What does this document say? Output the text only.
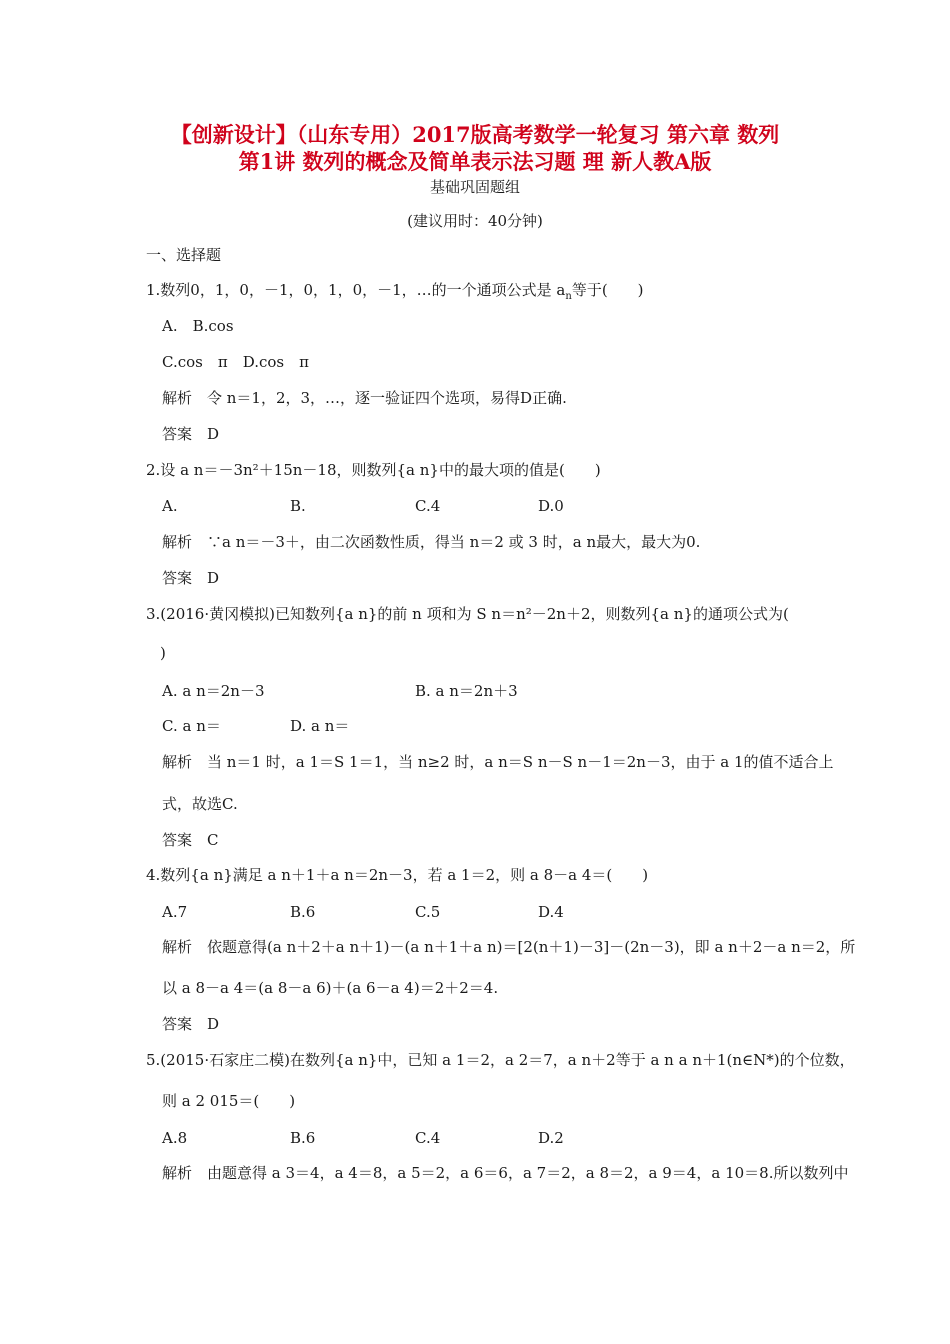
【创新设计】（山东专用）2017版高考数学一轮复习 第六章 数列
第1讲 数列的概念及简单表示法习题 理 新人教A版
基础巩固题组
(建议用时：40分钟)
一、选择题
1.数列0，1，0，－1，0，1，0，－1，…的一个通项公式是 $a_n$等于(　　)
A.　B.cos
C.cos　π　D.cos　π
解析　令 n＝1，2，3，…，逐一验证四个选项，易得D正确.
答案　D
2.设 a n＝－3n²＋15n－18，则数列{a n}中的最大项的值是(　　)
A.	B.	C.4	D.0
解析　∵a n＝－3＋，由二次函数性质，得当 n＝2 或 3 时，a n最大，最大为0.
答案　D
3.(2016·黄冈模拟)已知数列{a n}的前 n 项和为 S n＝n²－2n＋2，则数列{a n}的通项公式为(
)
A. a n＝2n－3	B. a n＝2n＋3
C. a n＝	D. a n＝
解析　当 n＝1 时，a 1＝S 1＝1，当 n≥2 时，a n＝S n－S n－1＝2n－3，由于 a 1的值不适合上
式，故选C.
答案　C
4.数列{a n}满足 a n＋1＋a n＝2n－3，若 a 1＝2，则 a 8－a 4＝(　　)
A.7	B.6	C.5	D.4
解析　依题意得(a n＋2＋a n＋1)－(a n＋1＋a n)＝[2(n＋1)－3]－(2n－3)，即 a n＋2－a n＝2，所
以 a 8－a 4＝(a 8－a 6)＋(a 6－a 4)＝2＋2＝4.
答案　D
5.(2015·石家庄二模)在数列{a n}中，已知 a 1＝2，a 2＝7，a n＋2等于 a n a n＋1(n∈N*)的个位数，
则 a 2 015＝(　　)
A.8	B.6	C.4	D.2
解析　由题意得 a 3＝4，a 4＝8，a 5＝2，a 6＝6，a 7＝2，a 8＝2，a 9＝4，a 10＝8.所以数列中
